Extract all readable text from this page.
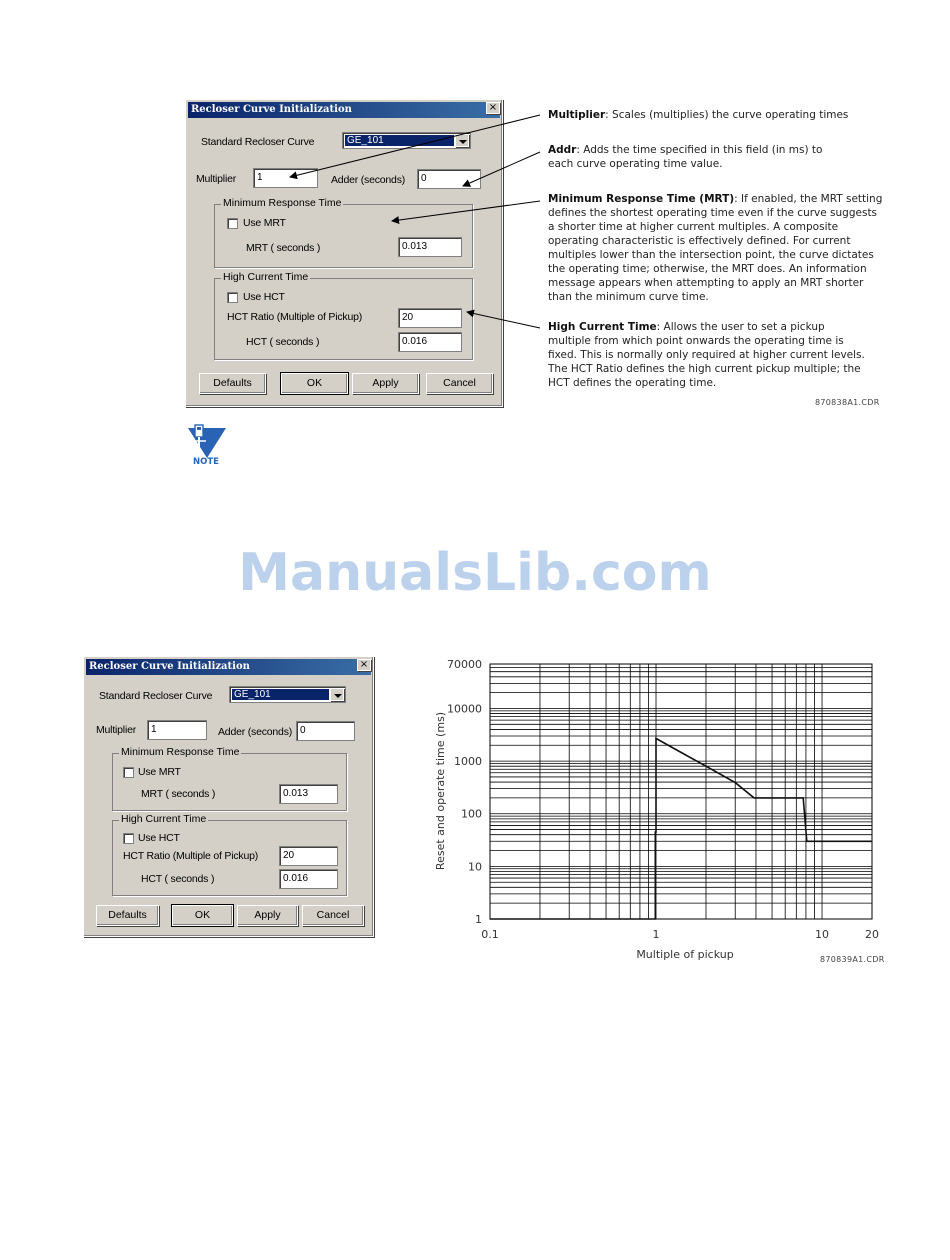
Recloser Curve Initialization	×
Standard Recloser Curve	GE_101
Multiplier	1	Adder (seconds)	0
Minimum Response Time
Use MRT
MRT ( seconds )	0.013
High Current Time
Use HCT
HCT Ratio (Multiple of Pickup)	20
HCT ( seconds )	0.016
Defaults	OK	Apply	Cancel
Multiplier: Scales (multiplies) the curve operating times
Addr: Adds the time specified in this field (in ms) to each curve operating time value.
Minimum Response Time (MRT): If enabled, the MRT setting defines the shortest operating time even if the curve suggests a shorter time at higher current multiples. A composite operating characteristic is effectively defined. For current multiples lower than the intersection point, the curve dictates the operating time; otherwise, the MRT does. An information message appears when attempting to apply an MRT shorter than the minimum curve time.
High Current Time: Allows the user to set a pickup multiple from which point onwards the operating time is fixed. This is normally only required at higher current levels. The HCT Ratio defines the high current pickup multiple; the HCT defines the operating time.
870838A1.CDR
NOTE
ManualsLib.com
Recloser Curve Initialization	×
Standard Recloser Curve GE_101
Multiplier	1	Adder (seconds) 0
Minimum Response Time
Use MRT
MRT ( seconds )	0.013
High Current Time
Use HCT
HCT Ratio (Multiple of Pickup)	20
HCT ( seconds )	0.016
Defaults	OK	Apply	Cancel
0.1	1	10	20
1
10
100
1000
10000
70000
Multiple of pickup
Reset and operate time (ms)
870839A1.CDR
